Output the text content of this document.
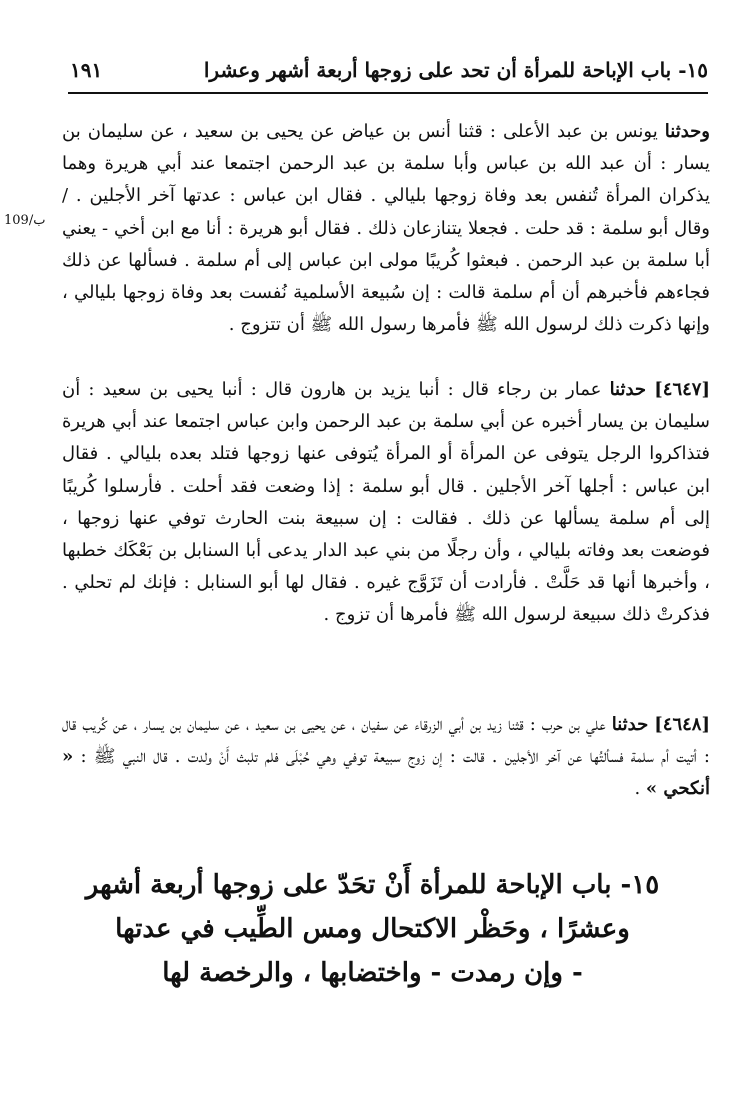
١٥- باب الإباحة للمرأة أن تحد على زوجها أربعة أشهر وعشرا
١٩١
109/ب

وحدثنا يونس بن عبد الأعلى : قثنا أنس بن عياض عن يحيى بن سعيد ، عن سليمان بن يسار : أن عبد الله بن عباس وأبا سلمة بن عبد الرحمن اجتمعا عند أبي هريرة وهما يذكران المرأة تُنفس بعد وفاة زوجها بليالي . فقال ابن عباس : عدتها آخر الأجلين . / وقال أبو سلمة : قد حلت . فجعلا يتنازعان ذلك . فقال أبو هريرة : أنا مع ابن أخي - يعني أبا سلمة بن عبد الرحمن . فبعثوا كُريبًا مولى ابن عباس إلى أم سلمة . فسألها عن ذلك فجاءهم فأخبرهم أن أم سلمة قالت : إن سُبيعة الأسلمية نُفست بعد وفاة زوجها بليالي ، وإنها ذكرت ذلك لرسول الله ﷺ فأمرها رسول الله ﷺ أن تتزوج .

[٤٦٤٧] حدثنا عمار بن رجاء قال : أنبا يزيد بن هارون قال : أنبا يحيى بن سعيد : أن سليمان بن يسار أخبره عن أبي سلمة بن عبد الرحمن وابن عباس اجتمعا عند أبي هريرة فتذاكروا الرجل يتوفى عن المرأة أو المرأة يُتوفى عنها زوجها فتلد بعده بليالي . فقال ابن عباس : أجلها آخر الأجلين . قال أبو سلمة : إذا وضعت فقد أحلت . فأرسلوا كُريبًا إلى أم سلمة يسألها عن ذلك . فقالت : إن سبيعة بنت الحارث توفي عنها زوجها ، فوضعت بعد وفاته بليالي ، وأن رجلًا من بني عبد الدار يدعى أبا السنابل بن بَعْكَك خطبها ، وأخبرها أنها قد حَلَّتْ . فأرادت أن تَزَوَّج غيره . فقال لها أبو السنابل : فإنك لم تحلي . فذكرتْ ذلك سبيعة لرسول الله ﷺ فأمرها أن تزوج .

[٤٦٤٨] حدثنا علي بن حرب : قثنا زيد بن أبي الزرقاء عن سفيان ، عن يحيى بن سعيد ، عن سليمان بن يسار ، عن كُريب قال : أتيت أم سلمة فسألتُها عن آخر الأجلين . قالت : إن زوج سبيعة توفي وهي حُبْلَى فلم تلبث أَنْ ولدت . قال النبي ﷺ : « أنكحي » .

١٥- باب الإباحة للمرأة أَنْ تحَدّ على زوجها أربعة أشهر
وعشرًا ، وحَظْر الاكتحال ومس الطِّيب في عدتها
- وإن رمدت - واختضابها ، والرخصة لها
